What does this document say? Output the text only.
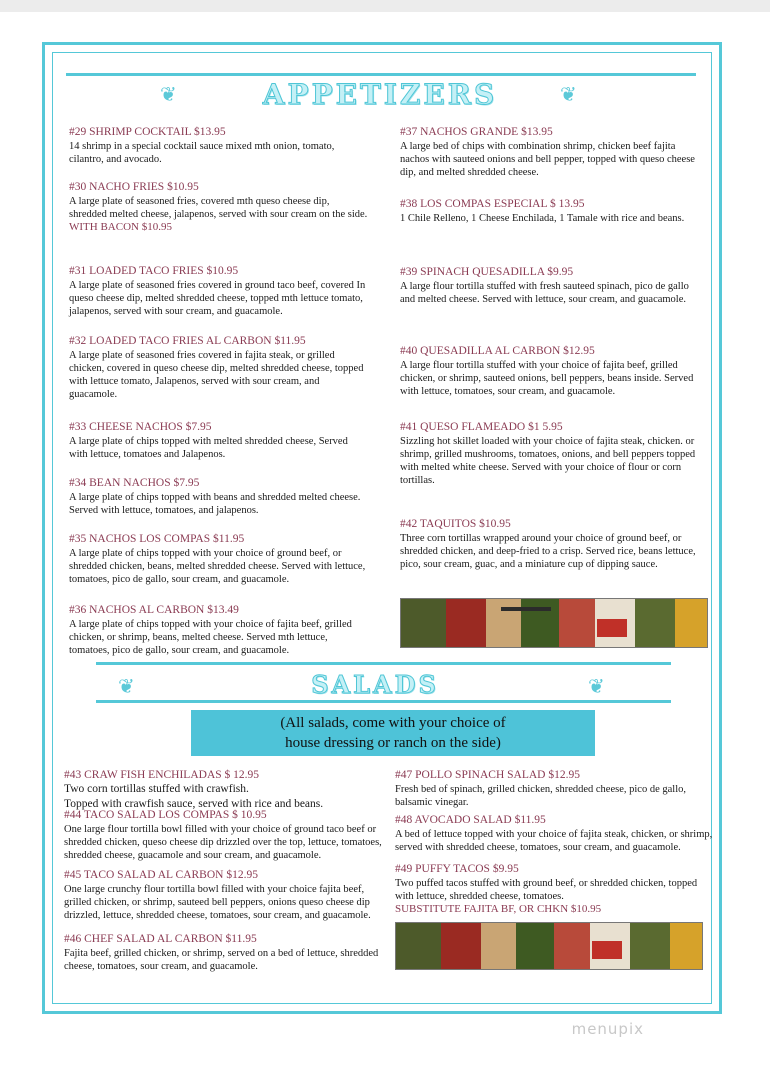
❦	❦
APPETIZERS
#29 SHRIMP COCKTAIL $13.95
14 shrimp in a special cocktail sauce mixed mth onion, tomato, cilantro, and avocado.
#30 NACHO FRIES $10.95
A large plate of seasoned fries, covered mth queso cheese dip, shredded melted cheese, jalapenos, served with sour cream on the side.
WITH BACON $10.95
#31 LOADED TACO FRIES $10.95
A large plate of seasoned fries covered in ground taco beef, covered In queso cheese dip, melted shredded cheese, topped mth lettuce tomato, jalapenos, served with sour cream, and guacamole.
#32 LOADED TACO FRIES AL CARBON $11.95
A large plate of seasoned fries covered in fajita steak, or grilled chicken, covered in queso cheese dip, melted shredded cheese, topped with lettuce tomato, Jalapenos, served with sour cream, and guacamole.
#33 CHEESE NACHOS $7.95
A large plate of chips topped with melted shredded cheese, Served with lettuce, tomatoes and Jalapenos.
#34 BEAN NACHOS $7.95
A large plate of chips topped with beans and shredded melted cheese. Served with lettuce, tomatoes, and jalapenos.
#35 NACHOS LOS COMPAS $11.95
A large plate of chips topped with your choice of ground beef, or shredded chicken, beans, melted shredded cheese. Served with lettuce, tomatoes, pico de gallo, sour cream, and guacamole.
#36 NACHOS AL CARBON $13.49
A large plate of chips topped with your choice of fajita beef, grilled chicken, or shrimp, beans, melted cheese. Served mth lettuce, tomatoes, pico de gallo, sour cream, and guacamole.
#37 NACHOS GRANDE $13.95
A large bed of chips with combination shrimp, chicken beef fajita nachos with sauteed onions and bell pepper, topped with queso cheese dip, and melted shredded cheese.
#38 LOS COMPAS ESPECIAL $ 13.95
1 Chile Relleno, 1 Cheese Enchilada, 1 Tamale with rice and beans.
#39 SPINACH QUESADILLA $9.95
A large flour tortilla stuffed with fresh sauteed spinach, pico de gallo and melted cheese. Served with lettuce, sour cream, and guacamole.
#40 QUESADILLA AL CARBON $12.95
A large flour tortilla stuffed with your choice of fajita beef, grilled chicken, or shrimp, sauteed onions, bell peppers, beans inside. Served with lettuce, tomatoes, sour cream, and guacamole.
#41 QUESO FLAMEADO $1 5.95
Sizzling hot skillet loaded with your choice of fajita steak, chicken. or shrimp, grilled mushrooms, tomatoes, onions, and bell peppers topped with melted white cheese. Served with your choice of flour or corn tortillas.
#42 TAQUITOS $10.95
Three corn tortillas wrapped around your choice of ground beef, or shredded chicken, and deep-fried to a crisp. Served rice, beans lettuce, pico, sour cream, guac, and a miniature cup of dipping sauce.
❦	❦
SALADS
(All salads, come with your choice of
house dressing or ranch on the side)
#43 CRAW FISH ENCHILADAS $ 12.95
Two corn tortillas stuffed with crawfish.
Topped with crawfish sauce, served with rice and beans.
#44 TACO SALAD LOS COMPAS $ 10.95
One large flour tortilla bowl filled with your choice of ground taco beef or shredded chicken, queso cheese dip drizzled over the top, lettuce, tomatoes, shredded cheese, guacamole and sour cream, and guacamole.
#45 TACO SALAD AL CARBON $12.95
One large crunchy flour tortilla bowl filled with your choice fajita beef, grilled chicken, or shrimp, sauteed bell peppers, onions queso cheese dip drizzled, lettuce, shredded cheese, tomatoes, sour cream, and guacamole.
#46 CHEF SALAD AL CARBON $11.95
Fajita beef, grilled chicken, or shrimp, served on a bed of lettuce, shredded cheese, tomatoes, sour cream, and guacamole.
#47 POLLO SPINACH SALAD $12.95
Fresh bed of spinach, grilled chicken, shredded cheese, pico de gallo, balsamic vinegar.
#48 AVOCADO SALAD $11.95
A bed of lettuce topped with your choice of fajita steak, chicken, or shrimp, served with shredded cheese, tomatoes, sour cream, and guacamole.
#49 PUFFY TACOS $9.95
Two puffed tacos stuffed with ground beef, or shredded chicken, topped with lettuce, shredded cheese, tomatoes.
SUBSTITUTE FAJITA BF, OR CHKN $10.95
menupix
